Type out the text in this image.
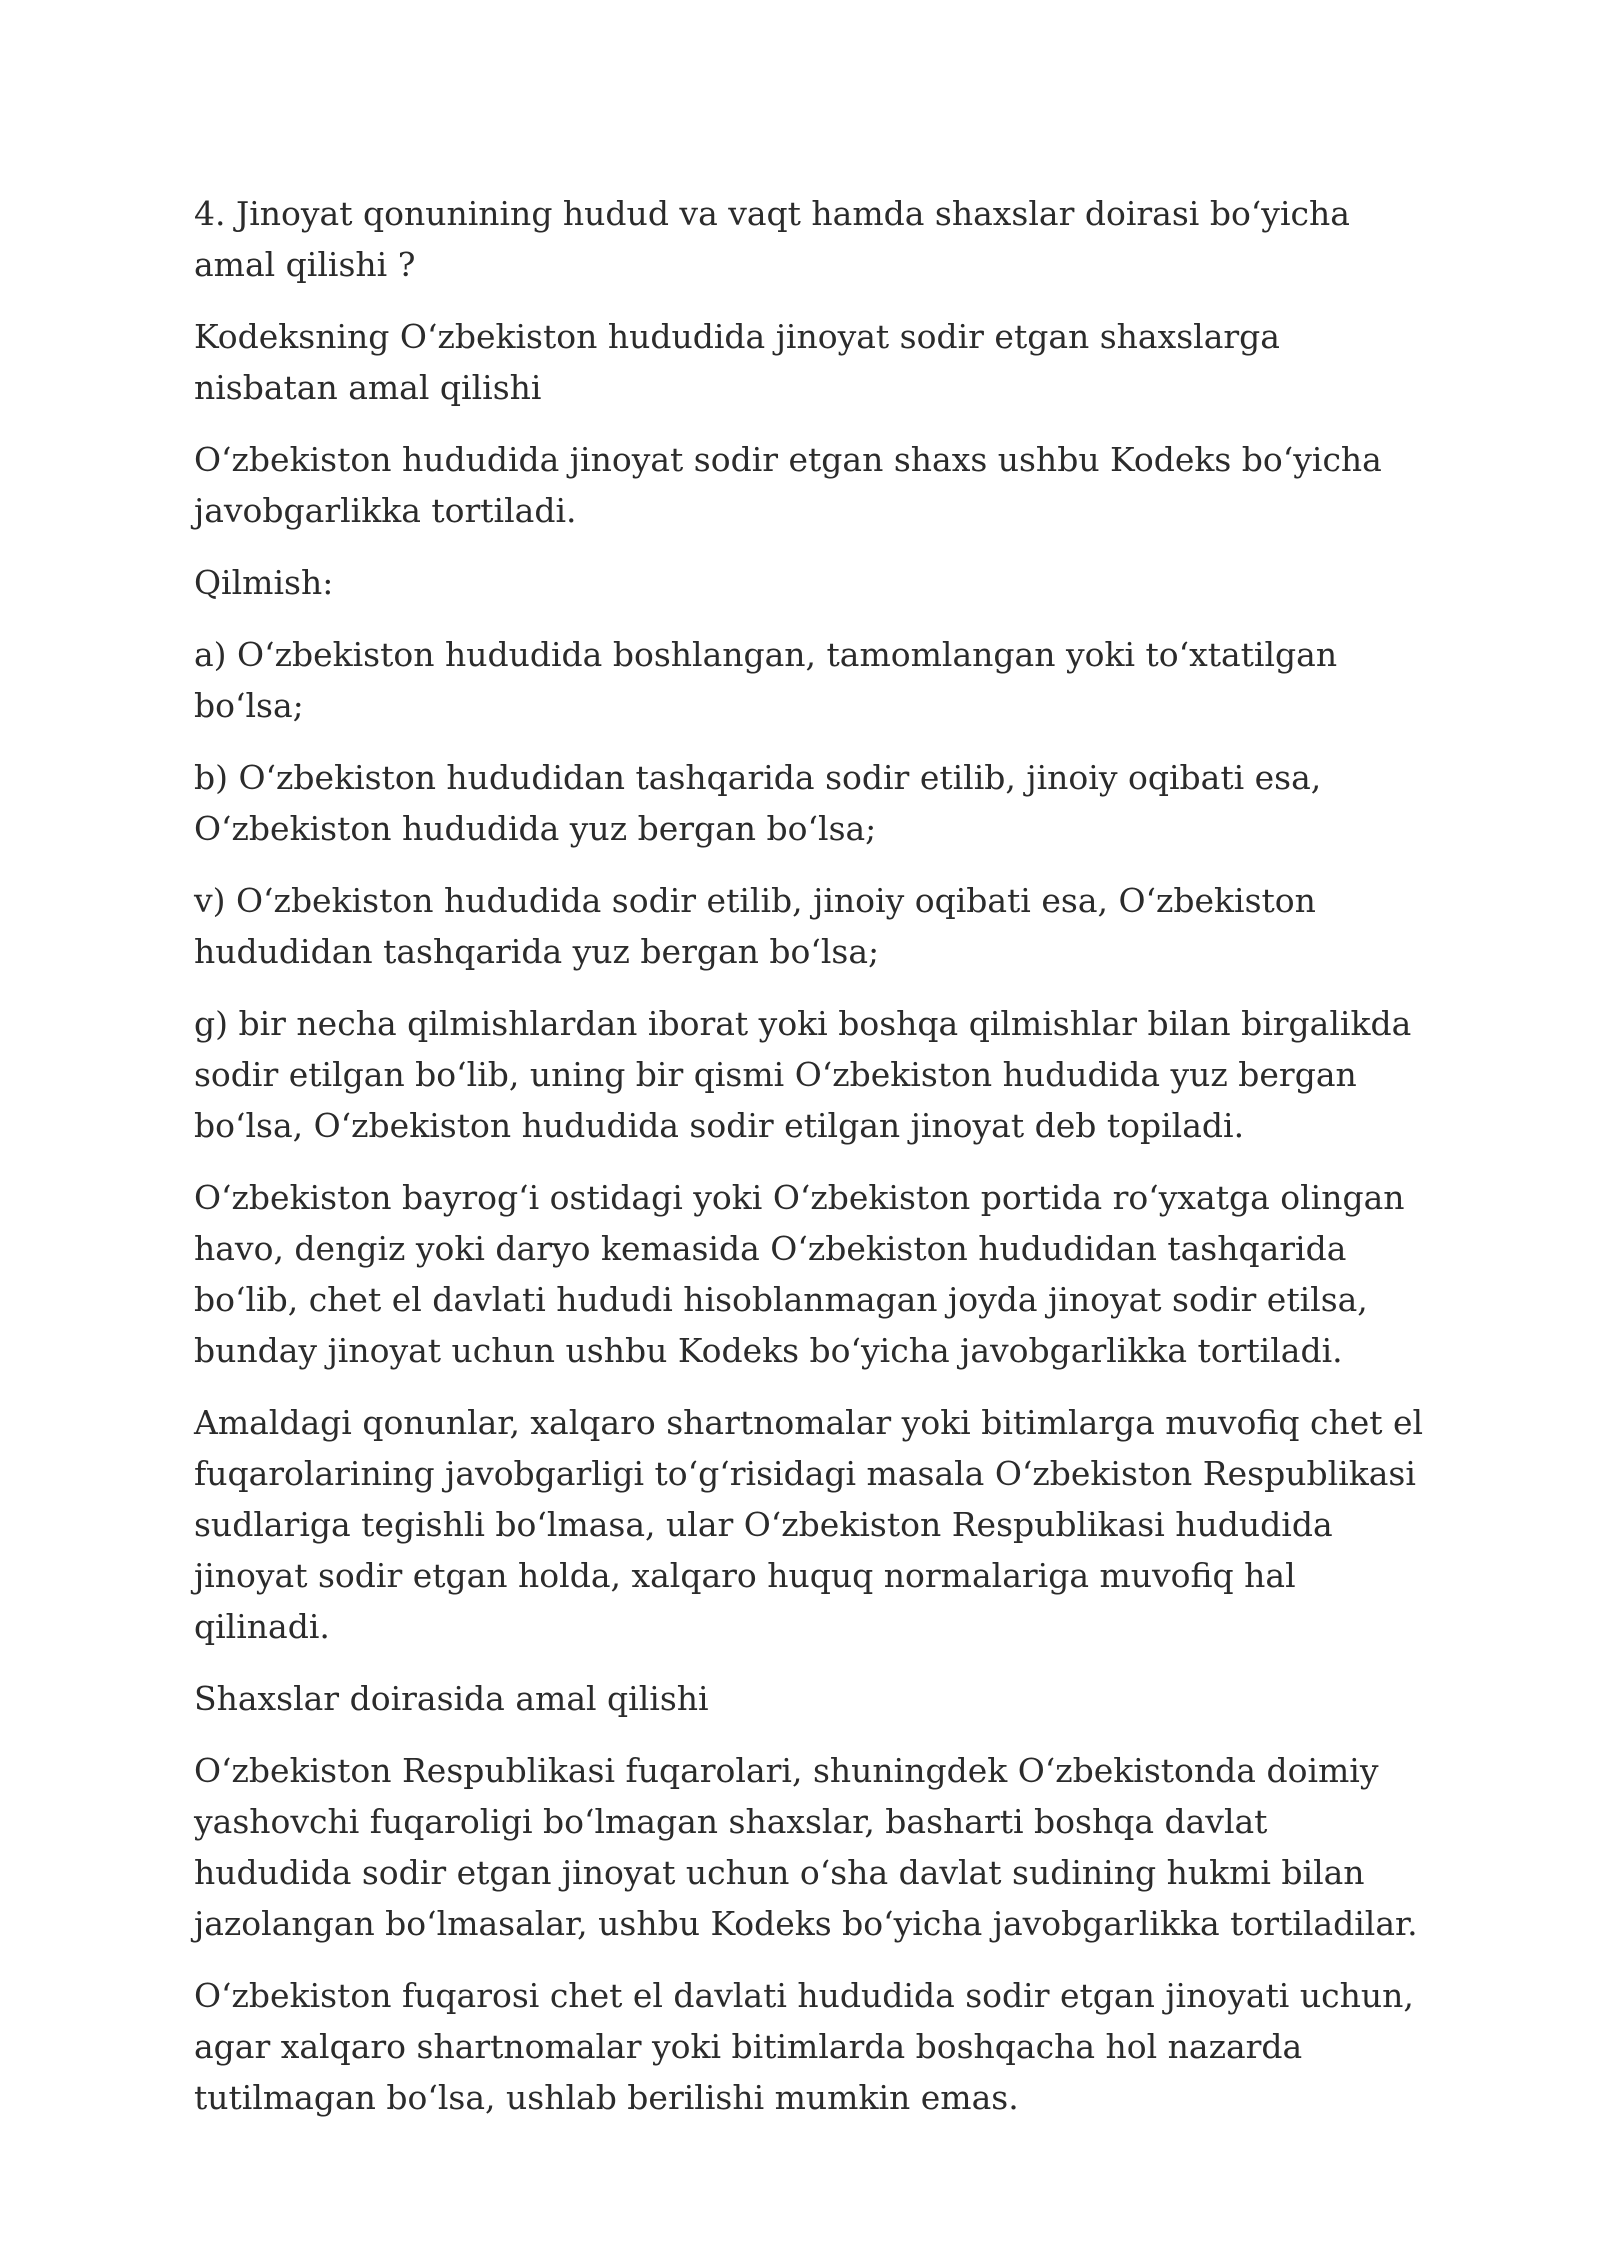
4. Jinoyat qonunining hudud va vaqt hamda shaxslar doirasi bo‘yicha amal qilishi ?

Kodeksning O‘zbekiston hududida jinoyat sodir etgan shaxslarga nisbatan amal qilishi

O‘zbekiston hududida jinoyat sodir etgan shaxs ushbu Kodeks bo‘yicha javobgarlikka tortiladi.

Qilmish:

a) O‘zbekiston hududida boshlangan, tamomlangan yoki to‘xtatilgan bo‘lsa;

b) O‘zbekiston hududidan tashqarida sodir etilib, jinoiy oqibati esa, O‘zbekiston hududida yuz bergan bo‘lsa;

v) O‘zbekiston hududida sodir etilib, jinoiy oqibati esa, O‘zbekiston hududidan tashqarida yuz bergan bo‘lsa;

g) bir necha qilmishlardan iborat yoki boshqa qilmishlar bilan birgalikda sodir etilgan bo‘lib, uning bir qismi O‘zbekiston hududida yuz bergan bo‘lsa, O‘zbekiston hududida sodir etilgan jinoyat deb topiladi.

O‘zbekiston bayrog‘i ostidagi yoki O‘zbekiston portida ro‘yxatga olingan havo, dengiz yoki daryo kemasida O‘zbekiston hududidan tashqarida bo‘lib, chet el davlati hududi hisoblanmagan joyda jinoyat sodir etilsa, bunday jinoyat uchun ushbu Kodeks bo‘yicha javobgarlikka tortiladi.

Amaldagi qonunlar, xalqaro shartnomalar yoki bitimlarga muvofiq chet el fuqarolarining javobgarligi to‘g‘risidagi masala O‘zbekiston Respublikasi sudlariga tegishli bo‘lmasa, ular O‘zbekiston Respublikasi hududida jinoyat sodir etgan holda, xalqaro huquq normalariga muvofiq hal qilinadi.

Shaxslar doirasida amal qilishi

O‘zbekiston Respublikasi fuqarolari, shuningdek O‘zbekistonda doimiy yashovchi fuqaroligi bo‘lmagan shaxslar, basharti boshqa davlat hududida sodir etgan jinoyat uchun o‘sha davlat sudining hukmi bilan jazolangan bo‘lmasalar, ushbu Kodeks bo‘yicha javobgarlikka tortiladilar.

O‘zbekiston fuqarosi chet el davlati hududida sodir etgan jinoyati uchun, agar xalqaro shartnomalar yoki bitimlarda boshqacha hol nazarda tutilmagan bo‘lsa, ushlab berilishi mumkin emas.
